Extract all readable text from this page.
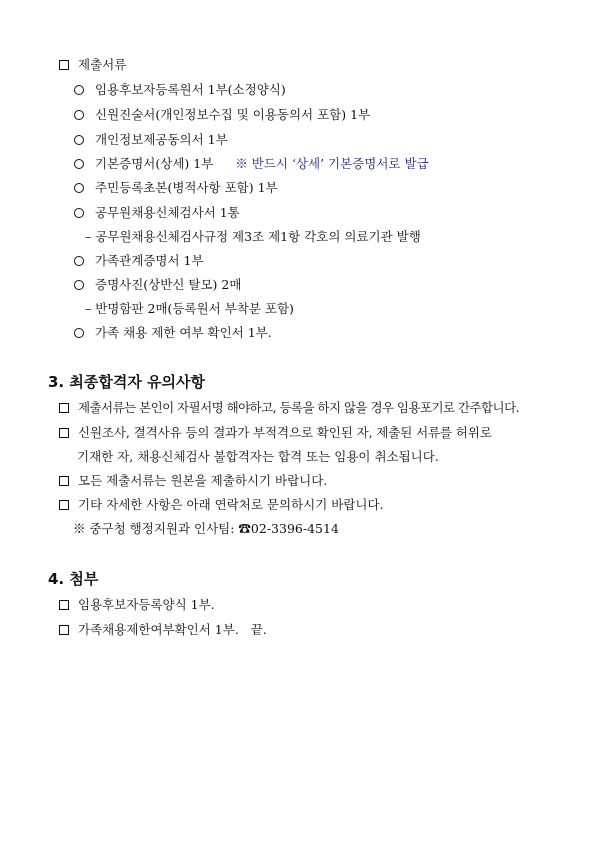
제출서류
임용후보자등록원서 1부(소정양식)
신원진술서(개인정보수집 및 이용동의서 포함) 1부
개인정보제공동의서 1부
기본증명서(상세) 1부 ※ 반드시 ‘상세’ 기본증명서로 발급
주민등록초본(병적사항 포함) 1부
공무원채용신체검사서 1통
– 공무원채용신체검사규정 제3조 제1항 각호의 의료기관 발행
가족관계증명서 1부
증명사진(상반신 탈모) 2매
– 반명함판 2매(등록원서 부착분 포함)
가족 채용 제한 여부 확인서 1부.
3. 최종합격자 유의사항
제출서류는 본인이 자필서명 해야하고, 등록을 하지 않을 경우 임용포기로 간주합니다.
신원조사, 결격사유 등의 결과가 부적격으로 확인된 자, 제출된 서류를 허위로
기재한 자, 채용신체검사 불합격자는 합격 또는 임용이 취소됩니다.
모든 제출서류는 원본을 제출하시기 바랍니다.
기타 자세한 사항은 아래 연락처로 문의하시기 바랍니다.
※ 중구청 행정지원과 인사팀: ☎02-3396-4514
4. 첨부
임용후보자등록양식 1부.
가족채용제한여부확인서 1부.   끝.
